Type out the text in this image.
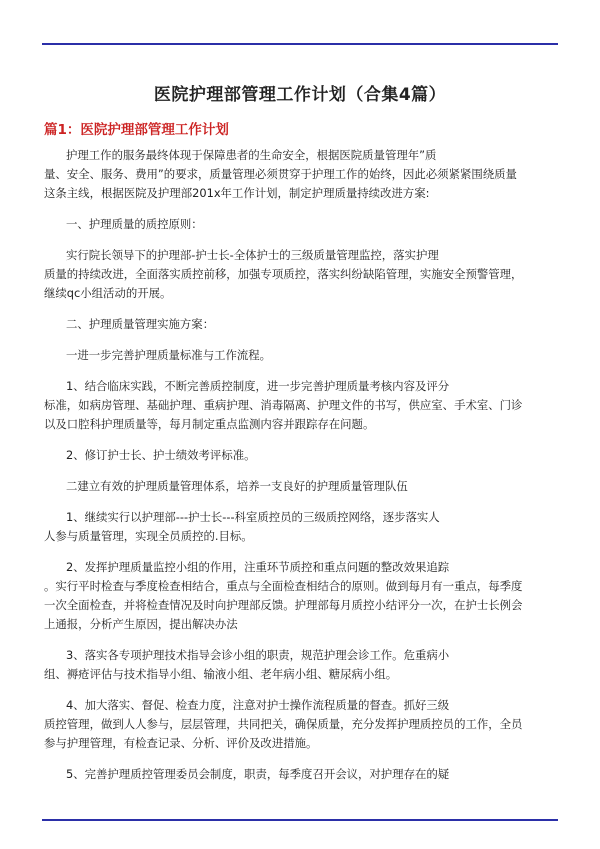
医院护理部管理工作计划（合集4篇）
篇1：医院护理部管理工作计划

护理工作的服务最终体现于保障患者的生命安全，根据医院质量管理年”质
量、安全、服务、费用”的要求，质量管理必须贯穿于护理工作的始终，因此必须紧紧围绕质量
这条主线，根据医院及护理部201x年工作计划，制定护理质量持续改进方案:

一、护理质量的质控原则：

实行院长领导下的护理部-护士长-全体护士的三级质量管理监控，落实护理
质量的持续改进，全面落实质控前移，加强专项质控，落实纠纷缺陷管理，实施安全预警管理，
继续qc小组活动的开展。

二、护理质量管理实施方案：

一进一步完善护理质量标准与工作流程。

1、结合临床实践，不断完善质控制度，进一步完善护理质量考核内容及评分
标准，如病房管理、基础护理、重病护理、消毒隔离、护理文件的书写，供应室、手术室、门诊
以及口腔科护理质量等，每月制定重点监测内容并跟踪存在问题。

2、修订护士长、护士绩效考评标准。

二建立有效的护理质量管理体系，培养一支良好的护理质量管理队伍

1、继续实行以护理部---护士长---科室质控员的三级质控网络，逐步落实人
人参与质量管理，实现全员质控的.目标。

2、发挥护理质量监控小组的作用，注重环节质控和重点问题的整改效果追踪
。实行平时检查与季度检查相结合，重点与全面检查相结合的原则。做到每月有一重点，每季度
一次全面检查，并将检查情况及时向护理部反馈。护理部每月质控小结评分一次，在护士长例会
上通报，分析产生原因，提出解决办法

3、落实各专项护理技术指导会诊小组的职责，规范护理会诊工作。危重病小
组、褥疮评估与技术指导小组、输液小组、老年病小组、糖尿病小组。

4、加大落实、督促、检查力度，注意对护士操作流程质量的督查。抓好三级
质控管理，做到人人参与，层层管理，共同把关，确保质量，充分发挥护理质控员的工作，全员
参与护理管理，有检查记录、分析、评价及改进措施。

5、完善护理质控管理委员会制度，职责，每季度召开会议，对护理存在的疑
